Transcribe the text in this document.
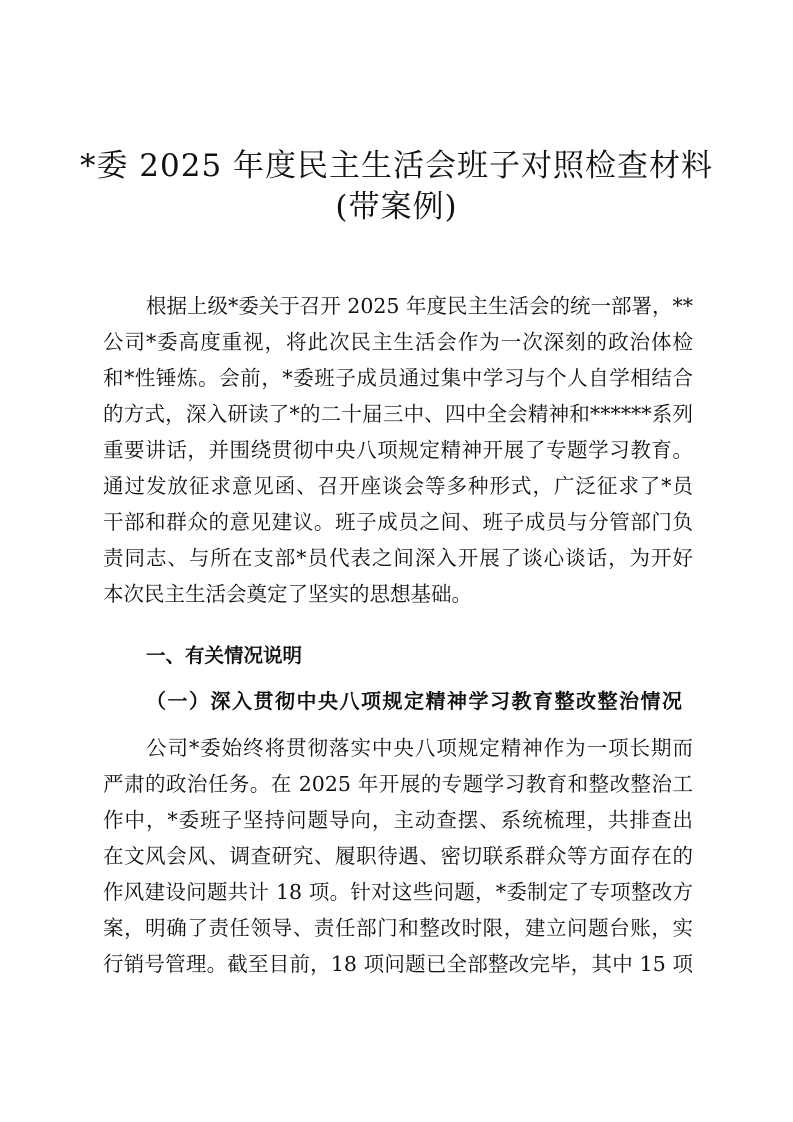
*委 2025 年度民主生活会班子对照检查材料
(带案例)
根据上级*委关于召开 2025 年度民主生活会的统一部署，**
公司*委高度重视，将此次民主生活会作为一次深刻的政治体检
和*性锤炼。会前，*委班子成员通过集中学习与个人自学相结合
的方式，深入研读了*的二十届三中、四中全会精神和******系列
重要讲话，并围绕贯彻中央八项规定精神开展了专题学习教育。
通过发放征求意见函、召开座谈会等多种形式，广泛征求了*员
干部和群众的意见建议。班子成员之间、班子成员与分管部门负
责同志、与所在支部*员代表之间深入开展了谈心谈话，为开好
本次民主生活会奠定了坚实的思想基础。
一、有关情况说明
（一）深入贯彻中央八项规定精神学习教育整改整治情况
公司*委始终将贯彻落实中央八项规定精神作为一项长期而
严肃的政治任务。在 2025 年开展的专题学习教育和整改整治工
作中，*委班子坚持问题导向，主动查摆、系统梳理，共排查出
在文风会风、调查研究、履职待遇、密切联系群众等方面存在的
作风建设问题共计 18 项。针对这些问题，*委制定了专项整改方
案，明确了责任领导、责任部门和整改时限，建立问题台账，实
行销号管理。截至目前，18 项问题已全部整改完毕，其中 15 项
